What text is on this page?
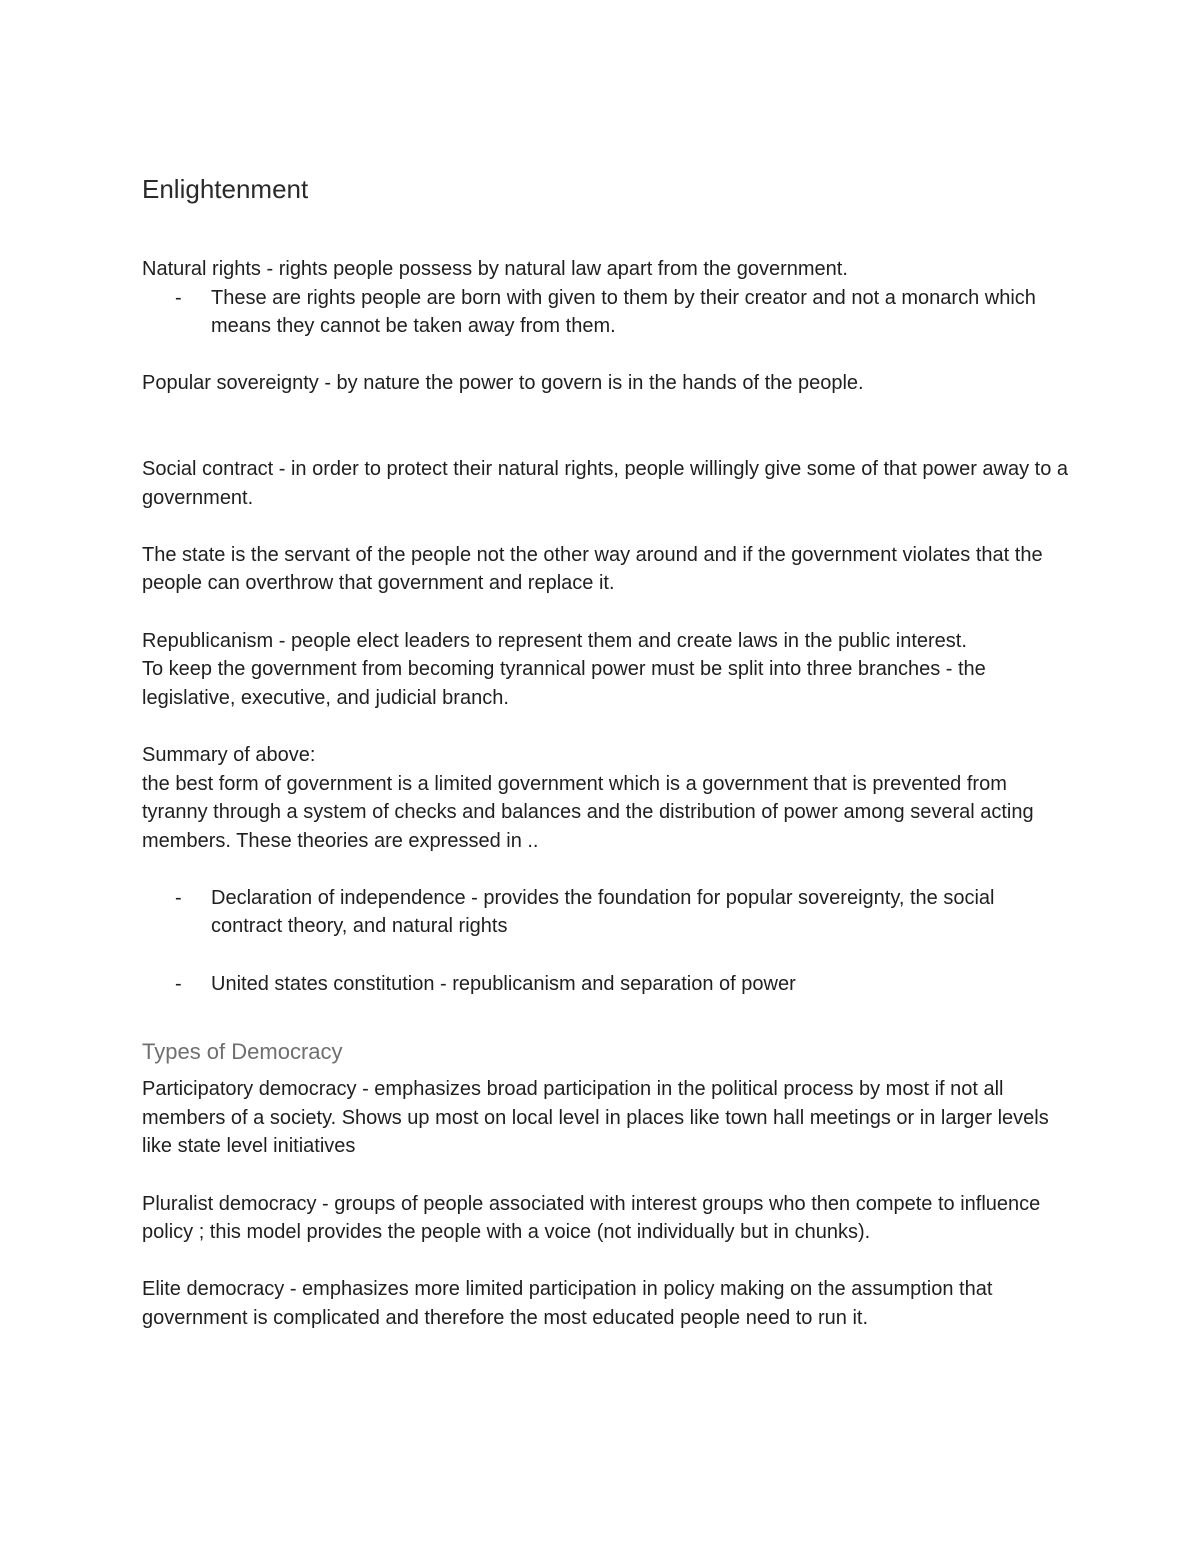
Enlightenment

Natural rights - rights people possess by natural law apart from the government.

- These are rights people are born with given to them by their creator and not a monarch which means they cannot be taken away from them.

Popular sovereignty - by nature the power to govern is in the hands of the people.

Social contract - in order to protect their natural rights, people willingly give some of that power away to a government.

The state is the servant of the people not the other way around and if the government violates that the people can overthrow that government and replace it.

Republicanism - people elect leaders to represent them and create laws in the public interest.

To keep the government from becoming tyrannical power must be split into three branches - the legislative, executive, and judicial branch.

Summary of above:

the best form of government is a limited government which is a government that is prevented from tyranny through a system of checks and balances and the distribution of power among several acting members. These theories are expressed in ..

- Declaration of independence - provides the foundation for popular sovereignty, the social contract theory, and natural rights
- United states constitution - republicanism and separation of power
Types of Democracy

Participatory democracy - emphasizes broad participation in the political process by most if not all members of a society. Shows up most on local level in places like town hall meetings or in larger levels like state level initiatives

Pluralist democracy - groups of people associated with interest groups who then compete to influence policy ; this model provides the people with a voice (not individually but in chunks).

Elite democracy - emphasizes more limited participation in policy making on the assumption that government is complicated and therefore the most educated people need to run it.
